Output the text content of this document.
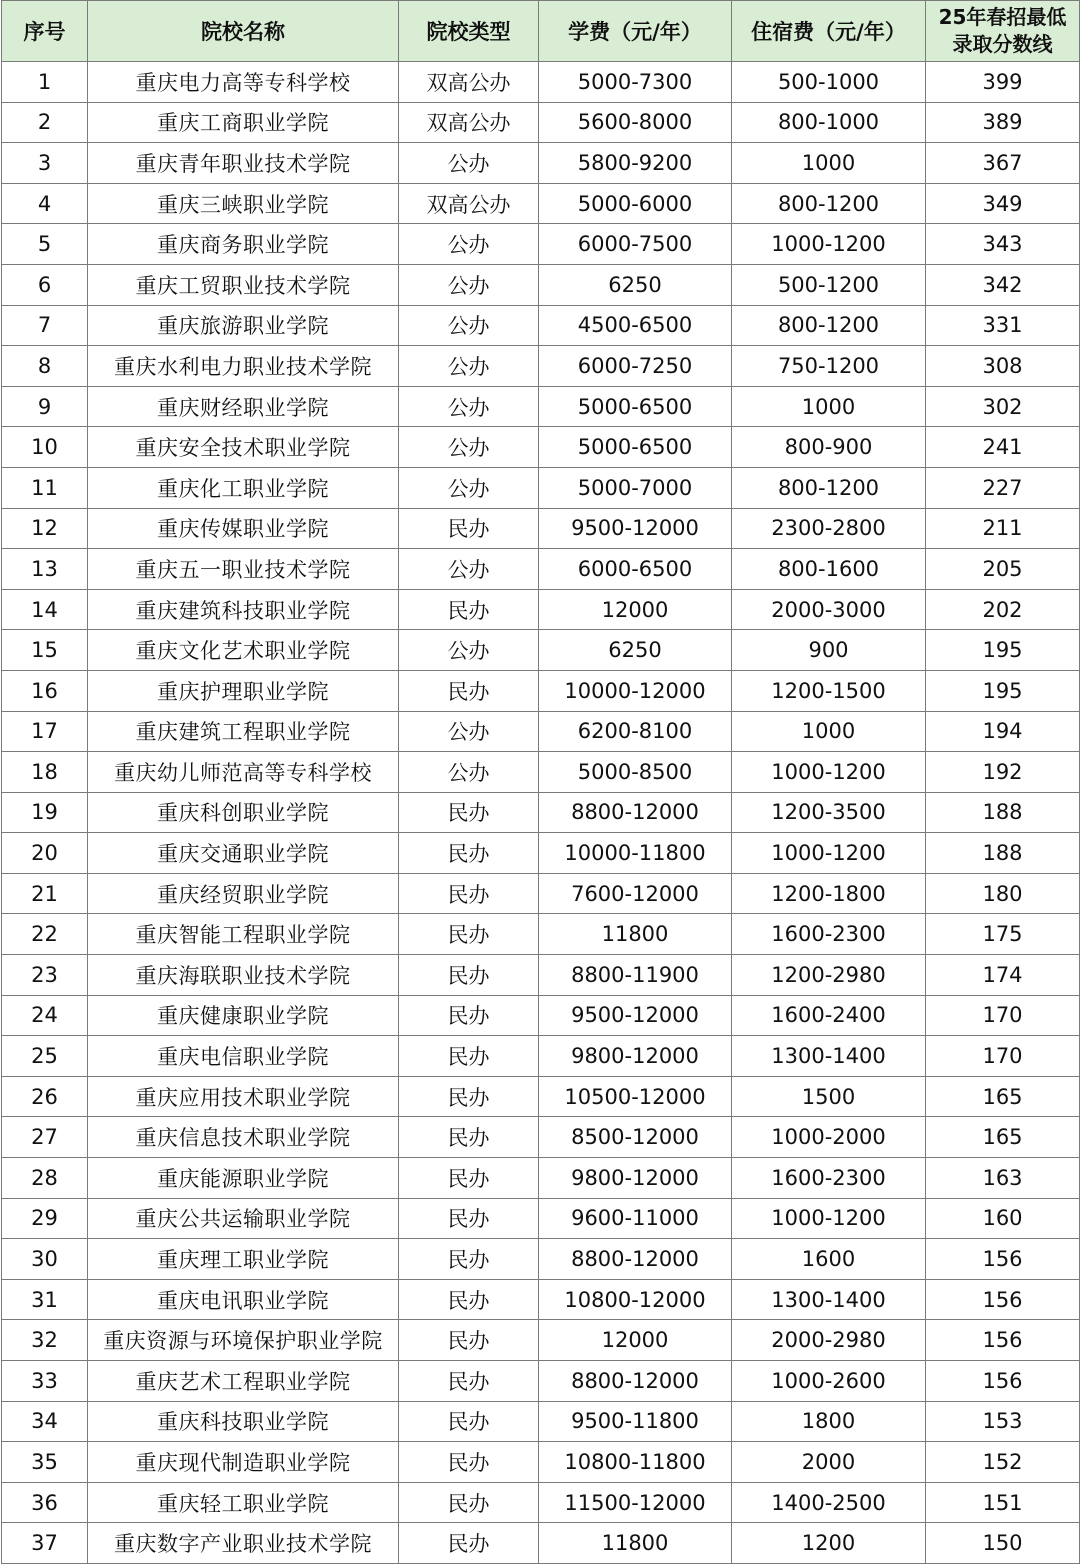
序号	院校名称	院校类型	学费（元/年）	住宿费（元/年）	25年春招最低
录取分数线
1	重庆电力高等专科学校	双高公办	5000-7300	500-1000	399
2	重庆工商职业学院	双高公办	5600-8000	800-1000	389
3	重庆青年职业技术学院	公办	5800-9200	1000	367
4	重庆三峡职业学院	双高公办	5000-6000	800-1200	349
5	重庆商务职业学院	公办	6000-7500	1000-1200	343
6	重庆工贸职业技术学院	公办	6250	500-1200	342
7	重庆旅游职业学院	公办	4500-6500	800-1200	331
8	重庆水利电力职业技术学院	公办	6000-7250	750-1200	308
9	重庆财经职业学院	公办	5000-6500	1000	302
10	重庆安全技术职业学院	公办	5000-6500	800-900	241
11	重庆化工职业学院	公办	5000-7000	800-1200	227
12	重庆传媒职业学院	民办	9500-12000	2300-2800	211
13	重庆五一职业技术学院	公办	6000-6500	800-1600	205
14	重庆建筑科技职业学院	民办	12000	2000-3000	202
15	重庆文化艺术职业学院	公办	6250	900	195
16	重庆护理职业学院	民办	10000-12000	1200-1500	195
17	重庆建筑工程职业学院	公办	6200-8100	1000	194
18	重庆幼儿师范高等专科学校	公办	5000-8500	1000-1200	192
19	重庆科创职业学院	民办	8800-12000	1200-3500	188
20	重庆交通职业学院	民办	10000-11800	1000-1200	188
21	重庆经贸职业学院	民办	7600-12000	1200-1800	180
22	重庆智能工程职业学院	民办	11800	1600-2300	175
23	重庆海联职业技术学院	民办	8800-11900	1200-2980	174
24	重庆健康职业学院	民办	9500-12000	1600-2400	170
25	重庆电信职业学院	民办	9800-12000	1300-1400	170
26	重庆应用技术职业学院	民办	10500-12000	1500	165
27	重庆信息技术职业学院	民办	8500-12000	1000-2000	165
28	重庆能源职业学院	民办	9800-12000	1600-2300	163
29	重庆公共运输职业学院	民办	9600-11000	1000-1200	160
30	重庆理工职业学院	民办	8800-12000	1600	156
31	重庆电讯职业学院	民办	10800-12000	1300-1400	156
32	重庆资源与环境保护职业学院	民办	12000	2000-2980	156
33	重庆艺术工程职业学院	民办	8800-12000	1000-2600	156
34	重庆科技职业学院	民办	9500-11800	1800	153
35	重庆现代制造职业学院	民办	10800-11800	2000	152
36	重庆轻工职业学院	民办	11500-12000	1400-2500	151
37	重庆数字产业职业技术学院	民办	11800	1200	150
